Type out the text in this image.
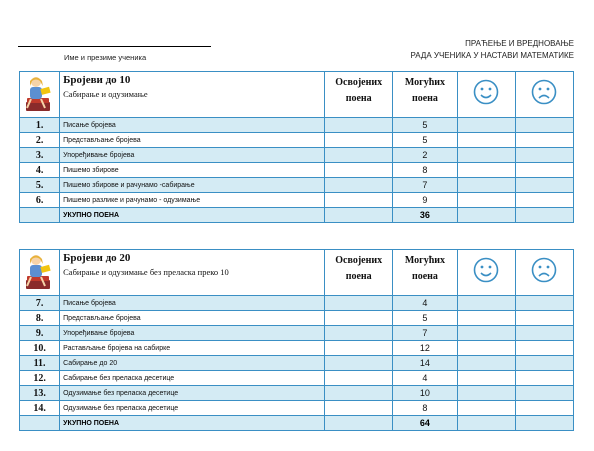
Име и презиме ученика
ПРАЋЕЊЕ И ВРЕДНОВАЊЕ
РАДА УЧЕНИКА У НАСТАВИ МАТЕМАТИКЕ

Бројеви до 10
Сабирање и одузимање	Освојених поена	Могућих поена		
1.	Писање бројева		5		
2.	Представљање бројева		5		
3.	Упоређивање бројева		2		
4.	Пишемо збирове		8		
5.	Пишемо збирове и рачунамо -сабирање		7		
6.	Пишемо разлике и рачунамо - одузимање		9		
	УКУПНО ПОЕНА		36		

Бројеви до 20
Сабирање и одузимање без преласка преко 10	Освојених поена	Могућих поена		
7.	Писање бројева		4		
8.	Представљање бројева		5		
9.	Упоређивање бројева		7		
10.	Растављање бројева на сабирке		12		
11.	Сабирање до 20		14		
12.	Сабирање без преласка десетице		4		
13.	Одузимање без преласка десетице		10		
14.	Одузимање без преласка десетице		8		
	УКУПНО ПОЕНА		64		
